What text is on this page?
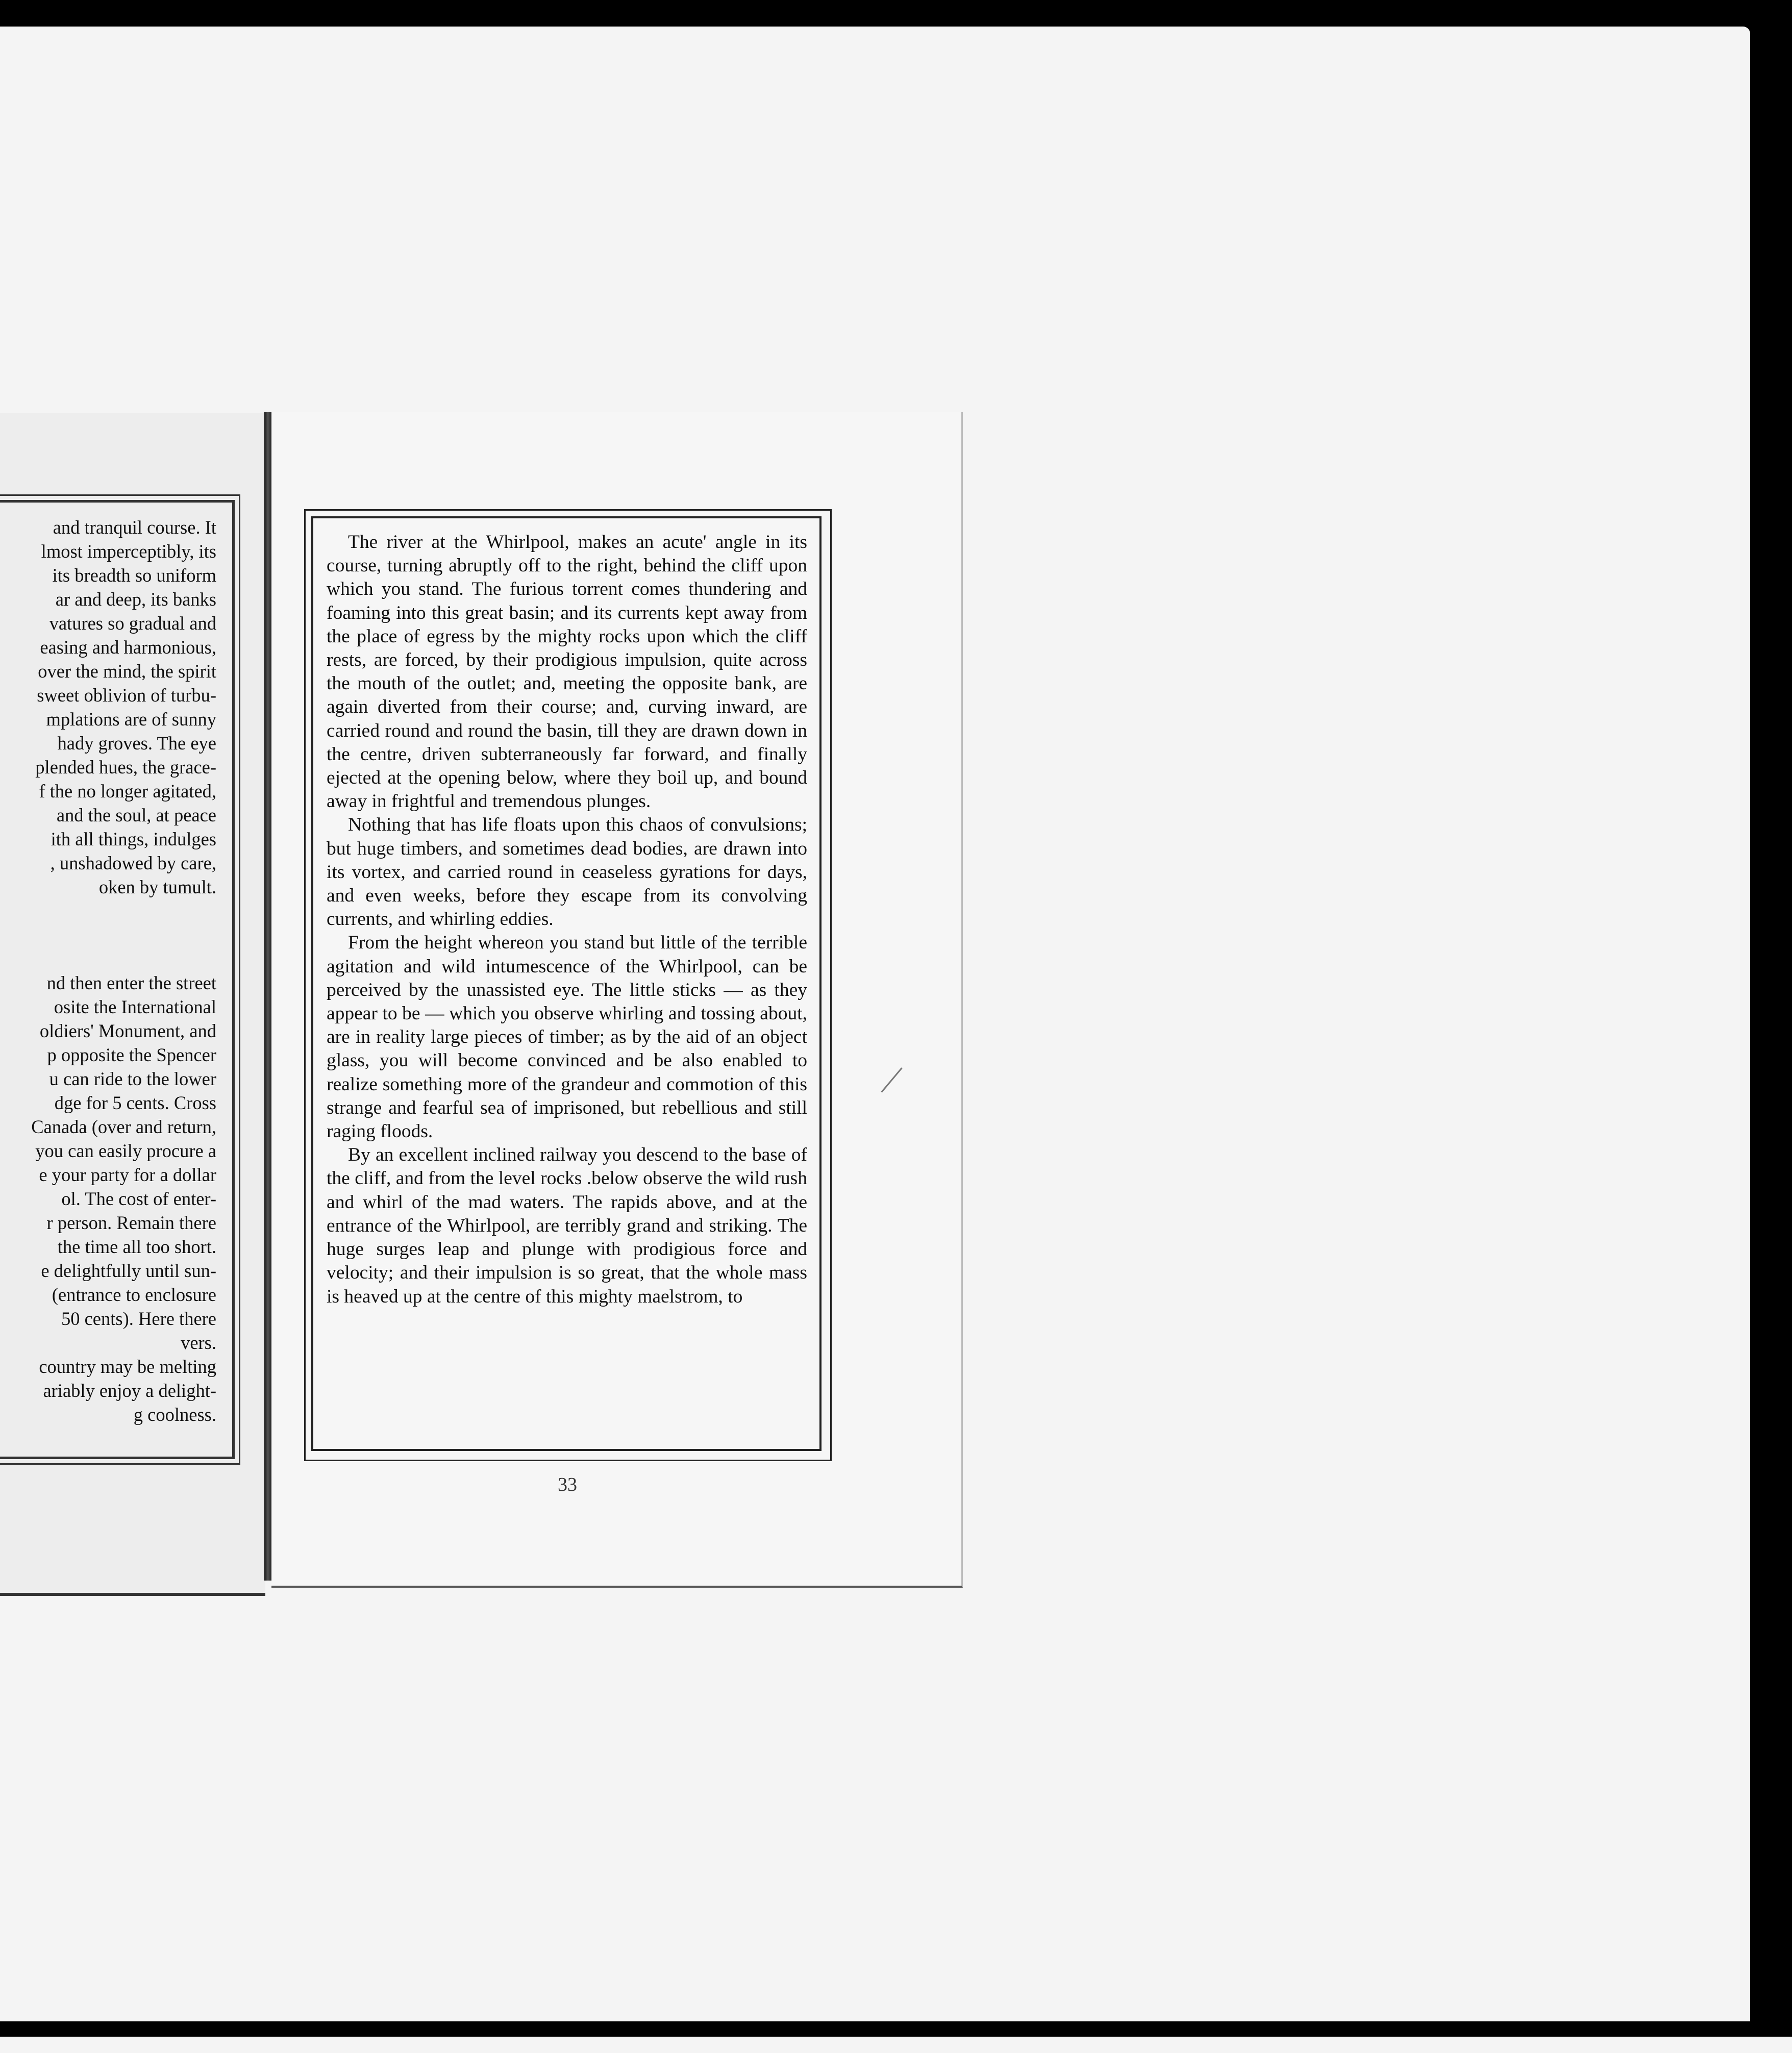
and tranquil course. It
lmost imperceptibly, its
its breadth so uniform
ar and deep, its banks
vatures so gradual and
easing and harmonious,
over the mind, the spirit
sweet oblivion of turbu-
mplations are of sunny
hady groves. The eye
plended hues, the grace-
f the no longer agitated,
and the soul, at peace
ith all things, indulges
, unshadowed by care,
oken by tumult.
nd then enter the street
osite the International
oldiers' Monument, and
p opposite the Spencer
u can ride to the lower
dge for 5 cents. Cross
Canada (over and return,
you can easily procure a
e your party for a dollar
ol. The cost of enter-
r person. Remain there
the time all too short.
e delightfully until sun-
(entrance to enclosure
50 cents). Here there
vers.
country may be melting
ariably enjoy a delight-
g coolness.

The river at the Whirlpool, makes an acute' angle in its course, turning abruptly off to the right, behind the cliff upon which you stand. The furious torrent comes thundering and foaming into this great basin; and its currents kept away from the place of egress by the mighty rocks upon which the cliff rests, are forced, by their prodigious impulsion, quite across the mouth of the outlet; and, meeting the opposite bank, are again diverted from their course; and, curving inward, are carried round and round the basin, till they are drawn down in the centre, driven subterraneously far forward, and finally ejected at the opening below, where they boil up, and bound away in frightful and tremendous plunges.

Nothing that has life floats upon this chaos of convulsions; but huge timbers, and sometimes dead bodies, are drawn into its vortex, and carried round in ceaseless gyrations for days, and even weeks, before they escape from its convolving currents, and whirling eddies.

From the height whereon you stand but little of the terrible agitation and wild intumescence of the Whirlpool, can be perceived by the unassisted eye. The little sticks — as they appear to be — which you observe whirling and tossing about, are in reality large pieces of timber; as by the aid of an object glass, you will become convinced and be also enabled to realize something more of the grandeur and commotion of this strange and fearful sea of imprisoned, but rebellious and still raging floods.

By an excellent inclined railway you descend to the base of the cliff, and from the level rocks .below observe the wild rush and whirl of the mad waters. The rapids above, and at the entrance of the Whirlpool, are terribly grand and striking. The huge surges leap and plunge with prodigious force and velocity; and their impulsion is so great, that the whole mass is heaved up at the centre of this mighty maelstrom, to

33
